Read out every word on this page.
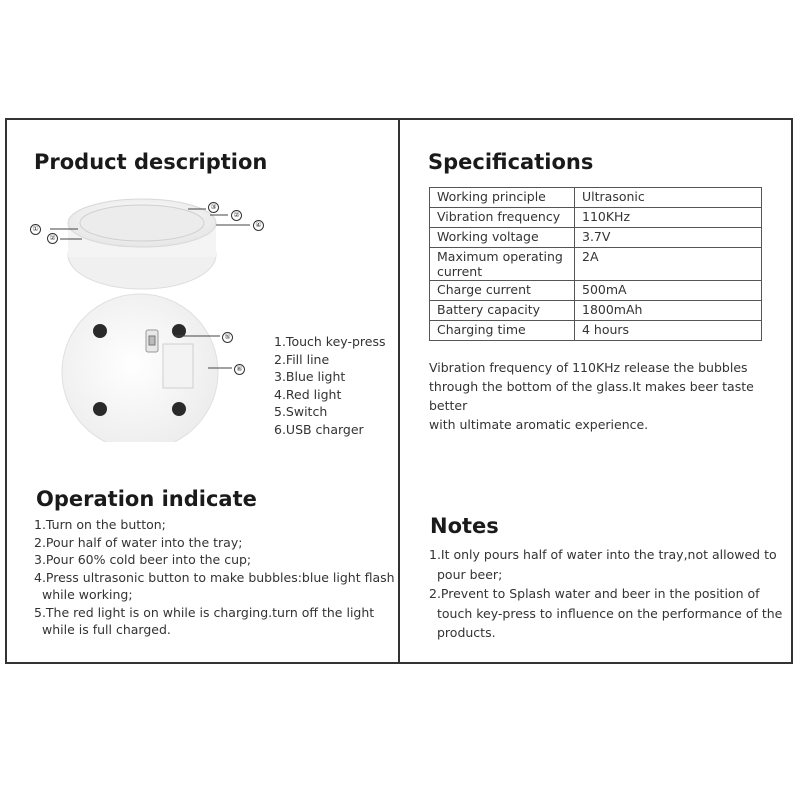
Product description
①
②
③
②
④
⑤
⑥
1.Touch key-press
2.Fill line
3.Blue light
4.Red light
5.Switch
6.USB charger
Specifications
Working principle	Ultrasonic
Vibration frequency	110KHz
Working voltage	3.7V
Maximum operating current	2A
Charge current	500mA
Battery capacity	1800mAh
Charging time	4 hours
Vibration frequency of 110KHz release the bubbles
through the bottom of the glass.It makes beer taste better
with ultimate aromatic experience.
Operation indicate
1.Turn on the button;
2.Pour half of water into the tray;
3.Pour 60% cold beer into the cup;
4.Press ultrasonic button to make bubbles:blue light flash
while working;
5.The red light is on while is charging.turn off the light
while is full charged.
Notes
1.It only pours half of water into the tray,not allowed to
pour beer;
2.Prevent to Splash water and beer in the position of
touch key-press to influence on the performance of the
products.
